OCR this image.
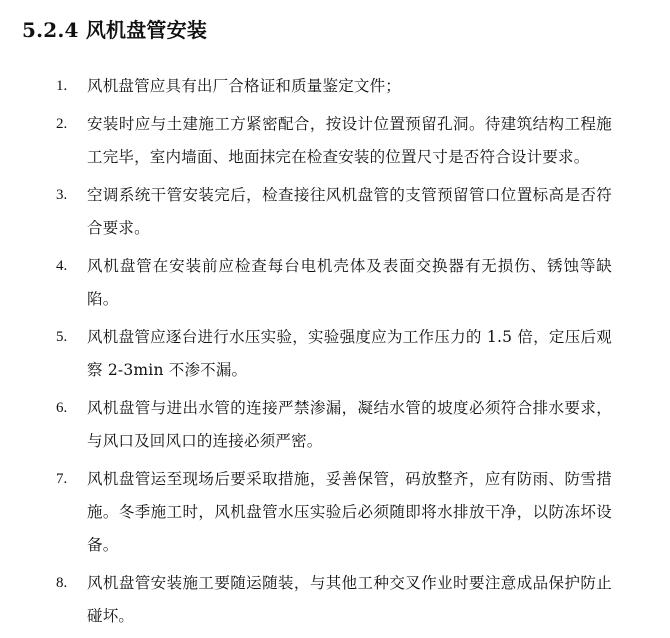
5.2.4 风机盘管安装
1. 风机盘管应具有出厂合格证和质量鉴定文件；
2. 安装时应与土建施工方紧密配合，按设计位置预留孔洞。待建筑结构工程施工完毕，室内墙面、地面抹完在检查安装的位置尺寸是否符合设计要求。
3. 空调系统干管安装完后，检查接往风机盘管的支管预留管口位置标高是否符合要求。
4. 风机盘管在安装前应检查每台电机壳体及表面交换器有无损伤、锈蚀等缺陷。
5. 风机盘管应逐台进行水压实验，实验强度应为工作压力的 1.5 倍，定压后观察 2-3min 不渗不漏。
6. 风机盘管与进出水管的连接严禁渗漏，凝结水管的坡度必须符合排水要求，与风口及回风口的连接必须严密。
7. 风机盘管运至现场后要采取措施，妥善保管，码放整齐，应有防雨、防雪措施。冬季施工时，风机盘管水压实验后必须随即将水排放干净，以防冻坏设备。
8. 风机盘管安装施工要随运随装，与其他工种交叉作业时要注意成品保护防止碰坏。
